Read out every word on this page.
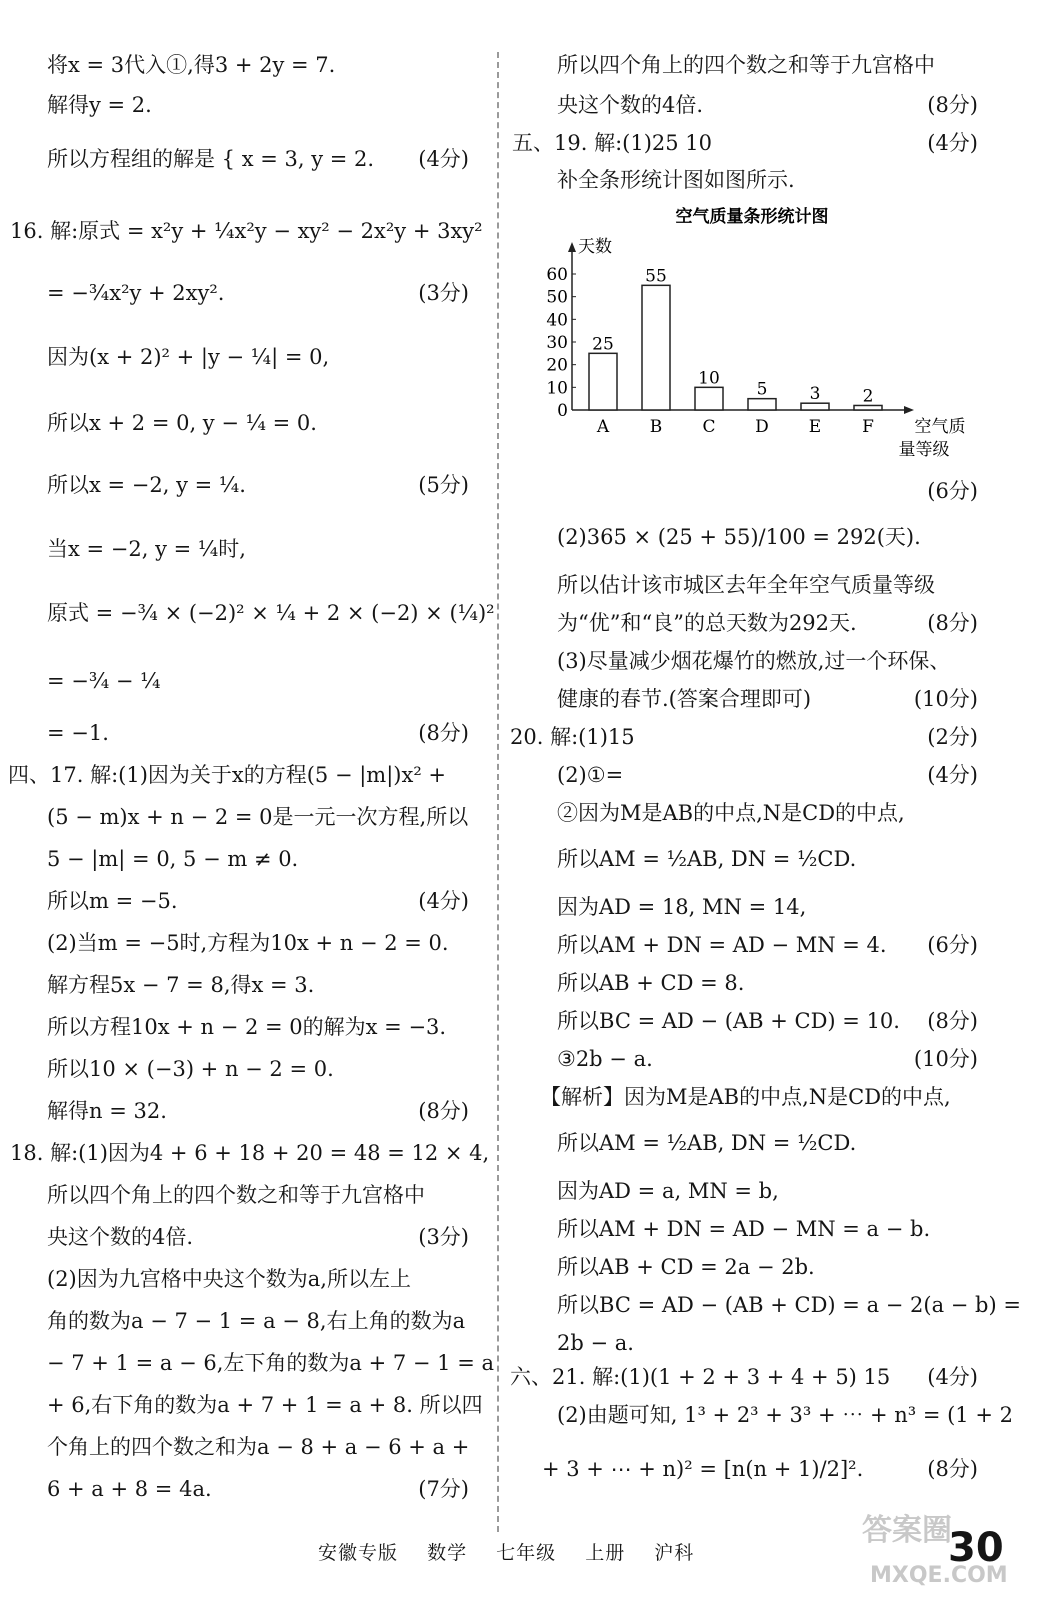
将x = 3代入①,得3 + 2y = 7.
解得y = 2.
所以方程组的解是 { x = 3, y = 2. (4分)
16. 解:原式 = x²y + ¼x²y − xy² − 2x²y + 3xy²
= −¾x²y + 2xy².	(3分)
因为(x + 2)² + |y − ¼| = 0,
所以x + 2 = 0, y − ¼ = 0.
所以x = −2, y = ¼.	(5分)
当x = −2, y = ¼时,
原式 = −¾ × (−2)² × ¼ + 2 × (−2) × (¼)²
= −¾ − ¼
= −1.	(8分)
四、17. 解:(1)因为关于x的方程(5 − |m|)x² +
(5 − m)x + n − 2 = 0是一元一次方程,所以
5 − |m| = 0, 5 − m ≠ 0.
所以m = −5.	(4分)
(2)当m = −5时,方程为10x + n − 2 = 0.
解方程5x − 7 = 8,得x = 3.
所以方程10x + n − 2 = 0的解为x = −3.
所以10 × (−3) + n − 2 = 0.
解得n = 32.	(8分)
18. 解:(1)因为4 + 6 + 18 + 20 = 48 = 12 × 4,
所以四个角上的四个数之和等于九宫格中
央这个数的4倍.	(3分)
(2)因为九宫格中央这个数为a,所以左上
角的数为a − 7 − 1 = a − 8,右上角的数为a
− 7 + 1 = a − 6,左下角的数为a + 7 − 1 = a
+ 6,右下角的数为a + 7 + 1 = a + 8. 所以四
个角上的四个数之和为a − 8 + a − 6 + a +
6 + a + 8 = 4a.	(7分)
所以四个角上的四个数之和等于九宫格中
央这个数的4倍.	(8分)
五、19. 解:(1)25 10	(4分)
补全条形统计图如图所示.
空气质量条形统计图
天数
空气质
量等级
0
10
20
30
40
50
60
25
A
55
B
10
C
5
D
3
E
2
F
(6分)
(2)365 × (25 + 55)/100 = 292(天).
所以估计该市城区去年全年空气质量等级
为“优”和“良”的总天数为292天.	(8分)
(3)尽量减少烟花爆竹的燃放,过一个环保、
健康的春节.(答案合理即可)	(10分)
20. 解:(1)15	(2分)
(2)①=	(4分)
②因为M是AB的中点,N是CD的中点,
所以AM = ½AB, DN = ½CD.
因为AD = 18, MN = 14,
所以AM + DN = AD − MN = 4. (6分)
所以AB + CD = 8.
所以BC = AD − (AB + CD) = 10. (8分)
③2b − a.	(10分)
【解析】因为M是AB的中点,N是CD的中点,
所以AM = ½AB, DN = ½CD.
因为AD = a, MN = b,
所以AM + DN = AD − MN = a − b.
所以AB + CD = 2a − 2b.
所以BC = AD − (AB + CD) = a − 2(a − b) =
2b − a.
六、21. 解:(1)(1 + 2 + 3 + 4 + 5) 15 (4分)
(2)由题可知, 1³ + 2³ + 3³ + ⋯ + n³ = (1 + 2
+ 3 + ⋯ + n)² = [n(n + 1)/2]².	(8分)
安徽专版 数学 七年级 上册 沪科
答案圈
MXQE.COM
30
